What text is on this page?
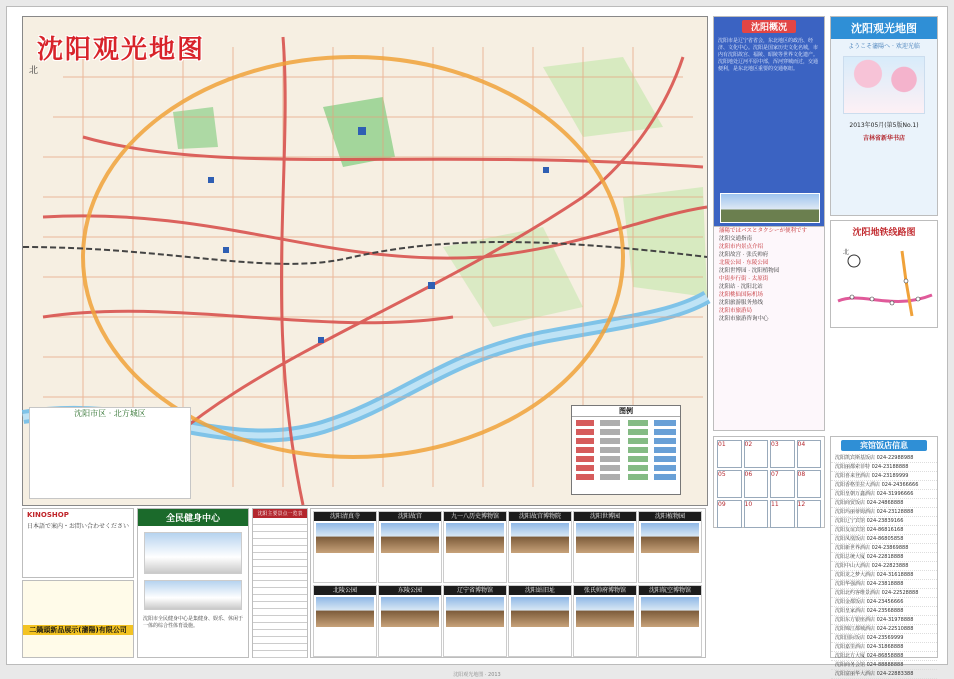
沈阳观光地图
北
沈阳市区 · 北方城区	图例
沈阳概况
沈阳市是辽宁省省会，东北地区的政治、经济、文化中心。沈阳是国家历史文化名城，市内有沈阳故宫、福陵、昭陵等世界文化遗产。沈阳地处辽河平原中部，浑河穿城而过，交通便利，是东北地区重要的交通枢纽。
沈阳观光地图
ようこそ瀋陽へ · 欢迎光临
2013年05月(第5版No.1)
吉林省新华书店
沈阳地铁线路图
北
瀋陽ではバスとタクシーが便利です
沈阳交通指南
沈阳市内景点介绍
沈阳故宫 · 张氏帅府
北陵公园 · 东陵公园
沈阳世博园 · 沈阳植物园
中街步行街 · 太原街
沈阳站 · 沈阳北站
沈阳桃仙国际机场
沈阳旅游服务热线
沈阳市旅游局
沈阳市旅游咨询中心
01	02	03	04
05	06	07	08
09	10	11	12
宾馆饭店信息
沈阳凯宾斯基饭店 024-22988988
沈阳丽都索菲特 024-23188888
沈阳喜来登酒店 024-23189999
沈阳香格里拉大酒店 024-24366666
沈阳皇朝万鑫酒店 024-31996666
沈阳商贸饭店 024-24868888
沈阳玛丽蒂姆酒店 024-23128888
沈阳辽宁宾馆 024-23839166
沈阳友谊宾馆 024-86816168
沈阳凤凰饭店 024-86805858
沈阳新世界酒店 024-23869888
沈阳总统大厦 024-22818888
沈阳中山大酒店 024-22823888
沈阳龙之梦大酒店 024-31618888
沈阳华强酒店 024-23818888
沈阳北约客维景酒店 024-22528888
沈阳金都饭店 024-23456666
沈阳皇家酒店 024-23568888
沈阳东方银座酒店 024-31978888
沈阳锦江都城酒店 024-22510888
沈阳国际饭店 024-23569999
沈阳嘉里酒店 024-31868888
沈阳北方大厦 024-86858888
沈阳商务会馆 024-88888888
沈阳富丽华大酒店 024-22883388
KINOSHOP
日本語で案内・お問い合わせください
二鍋頭新品展示(瀋陽)有限公司
全民健身中心
沈阳市全民健身中心是集健身、娱乐、休闲于一体的综合性体育设施。
沈阳主要景点一览表	沈阳清真寺	沈阳故宫	九一八历史博物馆	沈阳故宫博物院	沈阳世博园	沈阳植物园
北陵公园	东陵公园	辽宁省博物馆	沈阳站旧址	张氏帅府博物馆	沈阳航空博物馆
沈阳观光地图 · 2013
